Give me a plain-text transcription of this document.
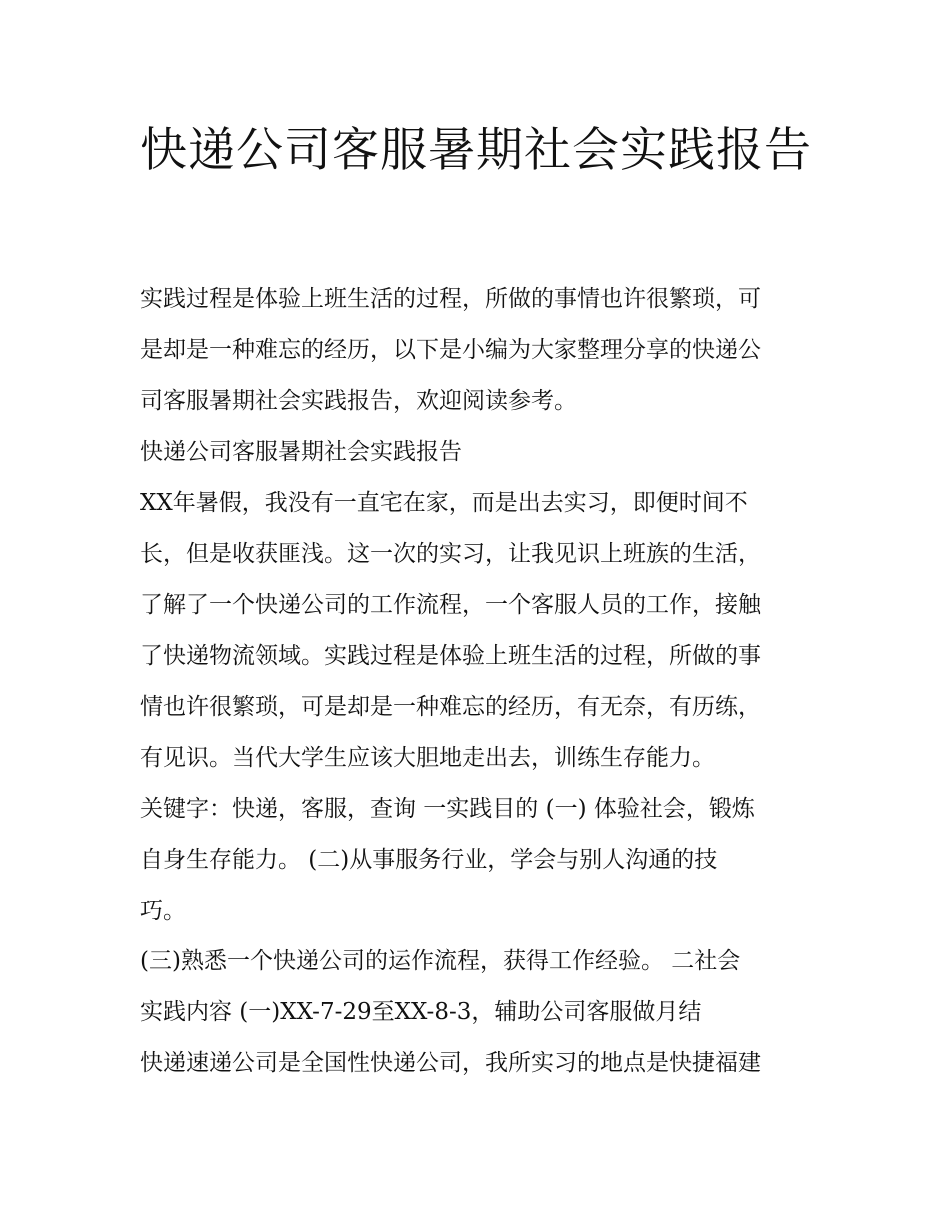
快递公司客服暑期社会实践报告

实践过程是体验上班生活的过程，所做的事情也许很繁琐，可

是却是一种难忘的经历，以下是小编为大家整理分享的快递公

司客服暑期社会实践报告，欢迎阅读参考。

快递公司客服暑期社会实践报告

XX年暑假，我没有一直宅在家，而是出去实习，即便时间不

长，但是收获匪浅。这一次的实习，让我见识上班族的生活，

了解了一个快递公司的工作流程，一个客服人员的工作，接触

了快递物流领域。实践过程是体验上班生活的过程，所做的事

情也许很繁琐，可是却是一种难忘的经历，有无奈，有历练，

有见识。当代大学生应该大胆地走出去，训练生存能力。

关键字：快递，客服，查询 一实践目的 (一) 体验社会，锻炼

自身生存能力。 (二)从事服务行业，学会与别人沟通的技

巧。

(三)熟悉一个快递公司的运作流程，获得工作经验。 二社会

实践内容 (一)XX-7-29至XX-8-3，辅助公司客服做月结

快递速递公司是全国性快递公司，我所实习的地点是快捷福建
